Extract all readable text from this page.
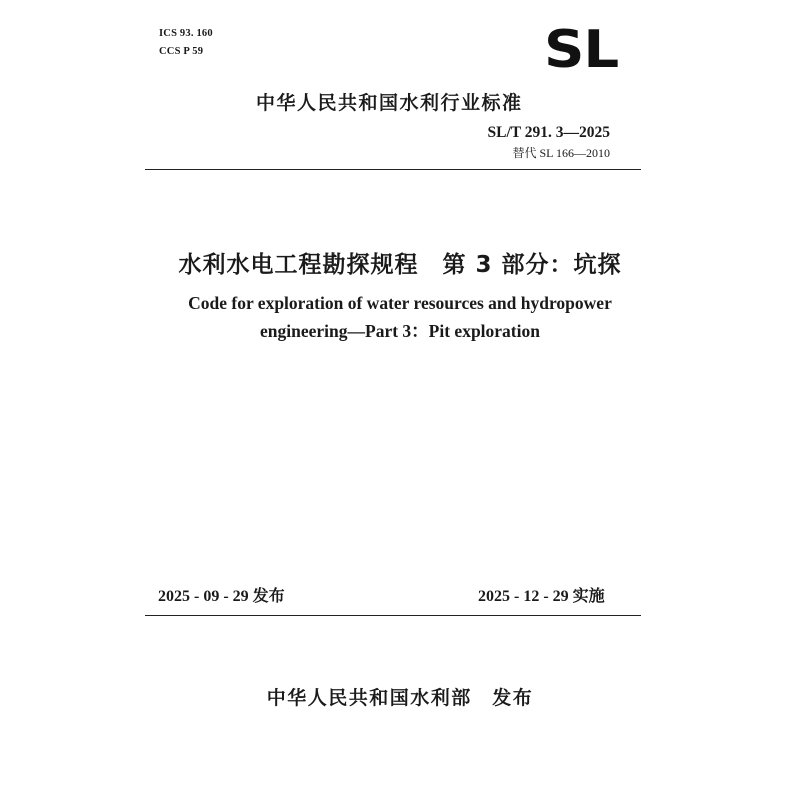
ICS 93. 160
CCS P 59	SL
中华人民共和国水利行业标准
SL/T 291. 3—2025
替代 SL 166—2010
水利水电工程勘探规程　第 3 部分：坑探
Code for exploration of water resources and hydropower
engineering—Part 3：Pit exploration
2025 - 09 - 29 发布	2025 - 12 - 29 实施
中华人民共和国水利部　发布
